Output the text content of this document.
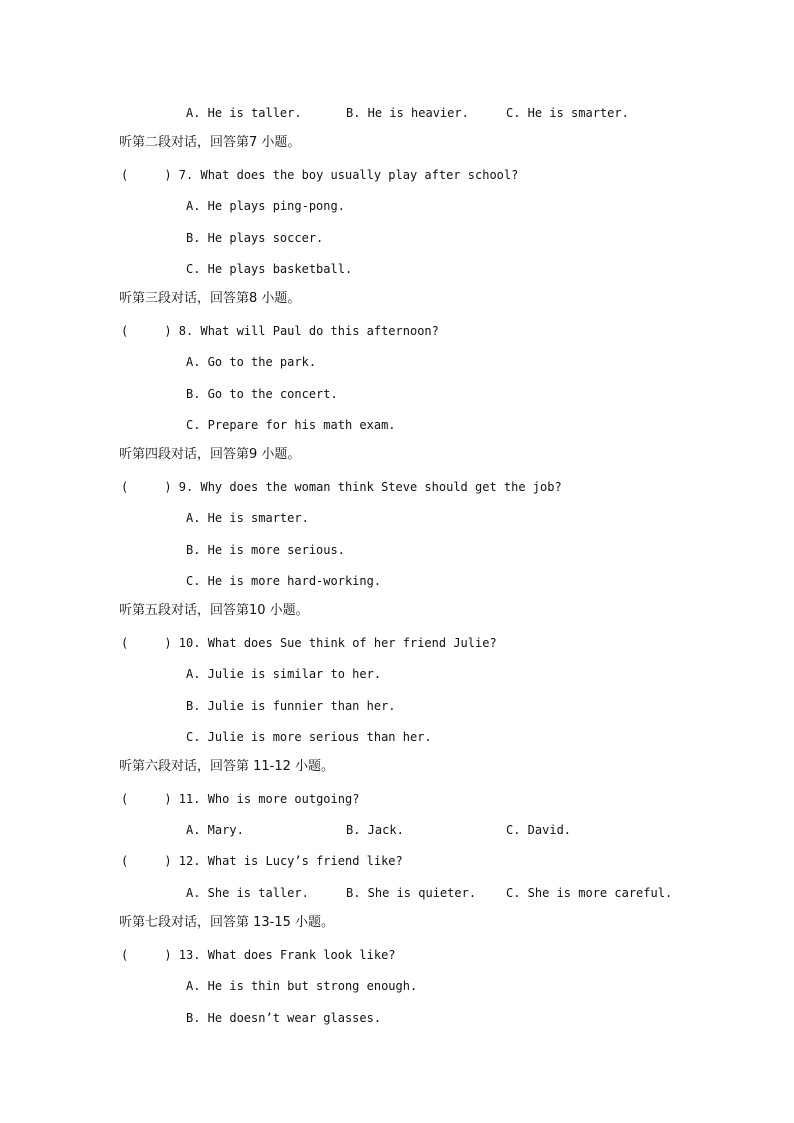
A. He is taller.	B. He is heavier.	C. He is smarter.
听第二段对话，回答第7 小题。
(     ) 7. What does the boy usually play after school?
A. He plays ping-pong.
B. He plays soccer.
C. He plays basketball.
听第三段对话，回答第8 小题。
(     ) 8. What will Paul do this afternoon?
A. Go to the park.
B. Go to the concert.
C. Prepare for his math exam.
听第四段对话，回答第9 小题。
(     ) 9. Why does the woman think Steve should get the job?
A. He is smarter.
B. He is more serious.
C. He is more hard-working.
听第五段对话，回答第10 小题。
(     ) 10. What does Sue think of her friend Julie?
A. Julie is similar to her.
B. Julie is funnier than her.
C. Julie is more serious than her.
听第六段对话，回答第 11-12 小题。
(     ) 11. Who is more outgoing?
A. Mary.	B. Jack.	C. David.
(     ) 12. What is Lucy’s friend like?
A. She is taller.	B. She is quieter. C. She is more careful.
听第七段对话，回答第 13-15 小题。
(     ) 13. What does Frank look like?
A. He is thin but strong enough.
B. He doesn’t wear glasses.
